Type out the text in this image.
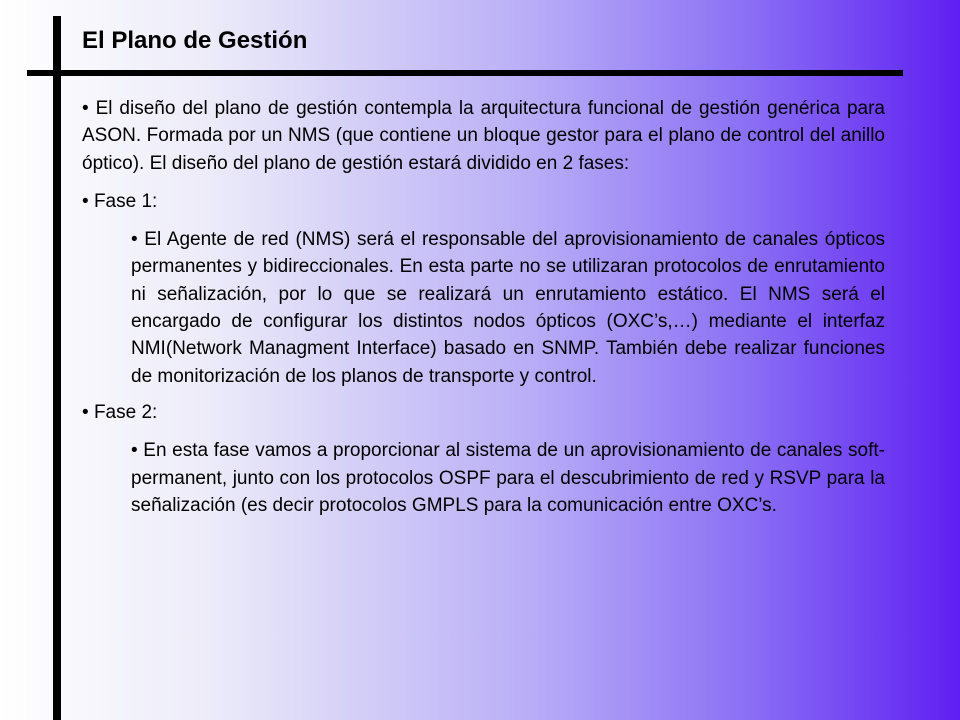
El Plano de Gestión

• El diseño del plano de gestión contempla la arquitectura funcional de gestión genérica para ASON. Formada por un NMS (que contiene un bloque gestor para el plano de control del anillo óptico). El diseño del plano de gestión estará dividido en 2 fases:

• Fase 1:

• El Agente de red (NMS) será el responsable del aprovisionamiento de canales ópticos permanentes y bidireccionales. En esta parte no se utilizaran protocolos de enrutamiento ni señalización, por lo que se realizará un enrutamiento estático. El NMS será el encargado de configurar los distintos nodos ópticos (OXC’s,…) mediante el interfaz NMI(Network Managment Interface) basado en SNMP. También debe realizar funciones de monitorización de los planos de transporte y control.

• Fase 2:

• En esta fase vamos a proporcionar al sistema de un aprovisionamiento de canales soft-permanent, junto con los protocolos OSPF para el descubrimiento de red y RSVP para la señalización (es decir protocolos GMPLS para la comunicación entre OXC’s.
